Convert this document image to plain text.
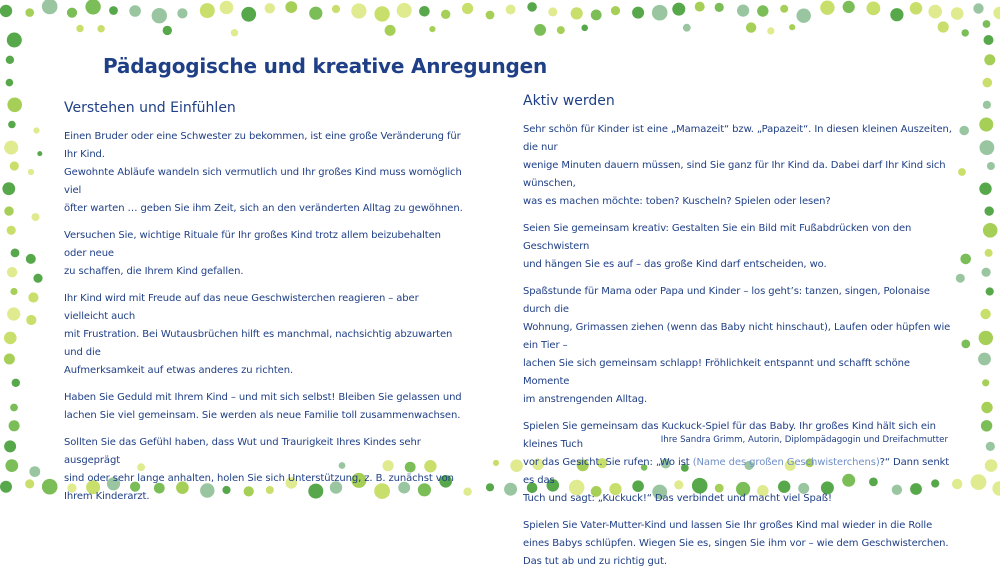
Pädagogische und kreative Anregungen
Verstehen und Einfühlen

Einen Bruder oder eine Schwester zu bekommen, ist eine große Veränderung für Ihr Kind.
Gewohnte Abläufe wandeln sich vermutlich und Ihr großes Kind muss womöglich viel
öfter warten … geben Sie ihm Zeit, sich an den veränderten Alltag zu gewöhnen.

Versuchen Sie, wichtige Rituale für Ihr großes Kind trotz allem beizubehalten oder neue
zu schaffen, die Ihrem Kind gefallen.

Ihr Kind wird mit Freude auf das neue Geschwisterchen reagieren – aber vielleicht auch
mit Frustration. Bei Wutausbrüchen hilft es manchmal, nachsichtig abzuwarten und die
Aufmerksamkeit auf etwas anderes zu richten.

Haben Sie Geduld mit Ihrem Kind – und mit sich selbst! Bleiben Sie gelassen und
lachen Sie viel gemeinsam. Sie werden als neue Familie toll zusammenwachsen.

Sollten Sie das Gefühl haben, dass Wut und Traurigkeit Ihres Kindes sehr ausgeprägt
sind oder sehr lange anhalten, holen Sie sich Unterstützung, z. B. zunächst von
Ihrem Kinderarzt.

Aktiv werden

Sehr schön für Kinder ist eine „Mamazeit“ bzw. „Papazeit“. In diesen kleinen Auszeiten, die nur
wenige Minuten dauern müssen, sind Sie ganz für Ihr Kind da. Dabei darf Ihr Kind sich wünschen,
was es machen möchte: toben? Kuscheln? Spielen oder lesen?

Seien Sie gemeinsam kreativ: Gestalten Sie ein Bild mit Fußabdrücken von den Geschwistern
und hängen Sie es auf – das große Kind darf entscheiden, wo.

Spaßstunde für Mama oder Papa und Kinder – los geht’s: tanzen, singen, Polonaise durch die
Wohnung, Grimassen ziehen (wenn das Baby nicht hinschaut), Laufen oder hüpfen wie ein Tier –
lachen Sie sich gemeinsam schlapp! Fröhlichkeit entspannt und schafft schöne Momente
im anstrengenden Alltag.

Spielen Sie gemeinsam das Kuckuck-Spiel für das Baby. Ihr großes Kind hält sich ein kleines Tuch
vor das Gesicht. Sie rufen: „Wo ist (Name des großen Geschwisterchens)?“ Dann senkt es das
Tuch und sagt: „Kuckuck!“ Das verbindet und macht viel Spaß!

Spielen Sie Vater-Mutter-Kind und lassen Sie Ihr großes Kind mal wieder in die Rolle
eines Babys schlüpfen. Wiegen Sie es, singen Sie ihm vor – wie dem Geschwisterchen.
Das tut ab und zu richtig gut.

Ihre Sandra Grimm, Autorin, Diplompädagogin und Dreifachmutter
